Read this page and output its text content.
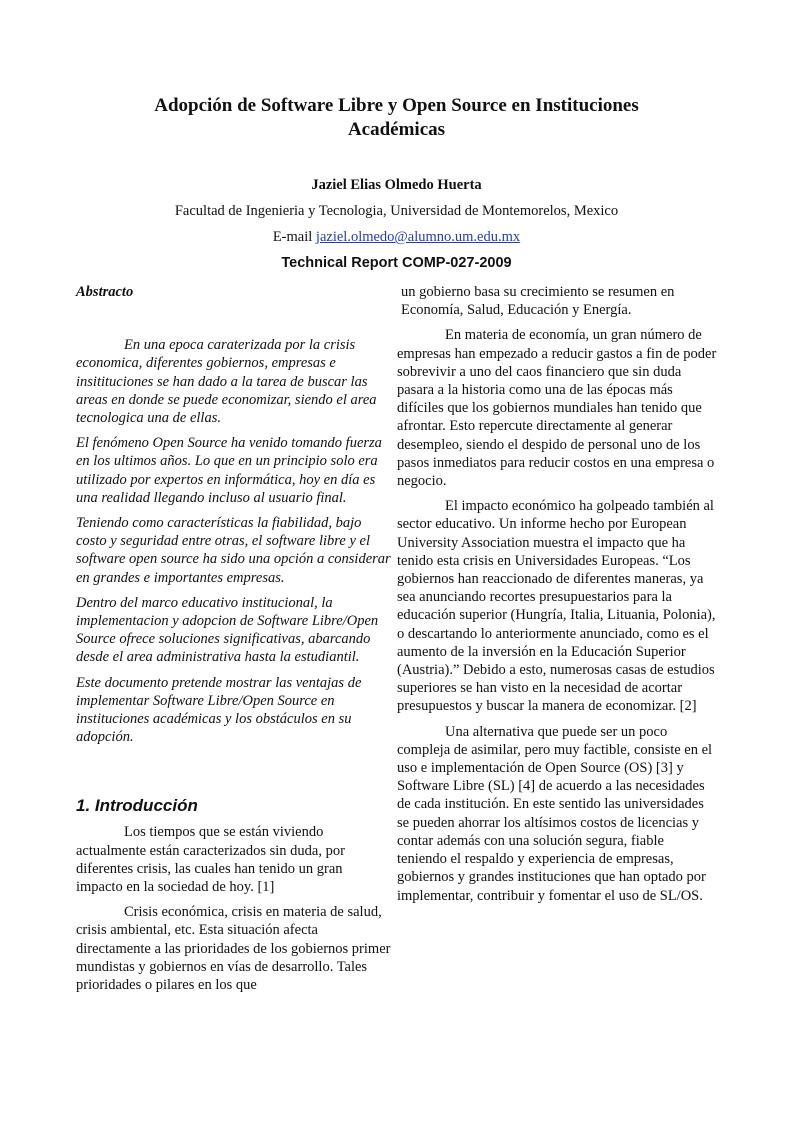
Adopción de Software Libre y Open Source en Instituciones
Académicas
Jaziel Elias Olmedo Huerta
Facultad de Ingenieria y Tecnologia, Universidad de Montemorelos, Mexico
E-mail jaziel.olmedo@alumno.um.edu.mx
Technical Report COMP-027-2009

Abstracto

En una epoca caraterizada por la crisis economica, diferentes gobiernos, empresas e insitituciones se han dado a la tarea de buscar las areas en donde se puede economizar, siendo el area tecnologica una de ellas.

El fenómeno Open Source ha venido tomando fuerza en los ultimos años. Lo que en un principio solo era utilizado por expertos en informática, hoy en día es una realidad llegando incluso al usuario final.

Teniendo como características la fiabilidad, bajo costo y seguridad entre otras, el software libre y el software open source ha sido una opción a considerar en grandes e importantes empresas.

Dentro del marco educativo institucional, la implementacion y adopcion de Software Libre/Open Source ofrece soluciones significativas, abarcando desde el area administrativa hasta la estudiantil.

Este documento pretende mostrar las ventajas de implementar Software Libre/Open Source en instituciones académicas y los obstáculos en su adopción.

1. Introducción

Los tiempos que se están viviendo actualmente están caracterizados sin duda, por diferentes crisis, las cuales han tenido un gran impacto en la sociedad de hoy. [1]

Crisis económica, crisis en materia de salud, crisis ambiental, etc. Esta situación afecta directamente a las prioridades de los gobiernos primer mundistas y gobiernos en vías de desarrollo. Tales prioridades o pilares en los que

un gobierno basa su crecimiento se resumen en Economía, Salud, Educación y Energía.

En materia de economía, un gran número de empresas han empezado a reducir gastos a fin de poder sobrevivir a uno del caos financiero que sin duda pasara a la historia como una de las épocas más difíciles que los gobiernos mundiales han tenido que afrontar. Esto repercute directamente al generar desempleo, siendo el despido de personal uno de los pasos inmediatos para reducir costos en una empresa o negocio.

El impacto económico ha golpeado también al sector educativo. Un informe hecho por European University Association muestra el impacto que ha tenido esta crisis en Universidades Europeas. “Los gobiernos han reaccionado de diferentes maneras, ya sea anunciando recortes presupuestarios para la educación superior (Hungría, Italia, Lituania, Polonia), o descartando lo anteriormente anunciado, como es el aumento de la inversión en la Educación Superior (Austria).” Debido a esto, numerosas casas de estudios superiores se han visto en la necesidad de acortar presupuestos y buscar la manera de economizar. [2]

Una alternativa que puede ser un poco compleja de asimilar, pero muy factible, consiste en el uso e implementación de Open Source (OS) [3] y Software Libre (SL) [4] de acuerdo a las necesidades de cada institución. En este sentido las universidades se pueden ahorrar los altísimos costos de licencias y contar además con una solución segura, fiable teniendo el respaldo y experiencia de empresas, gobiernos y grandes instituciones que han optado por implementar, contribuir y fomentar el uso de SL/OS.
